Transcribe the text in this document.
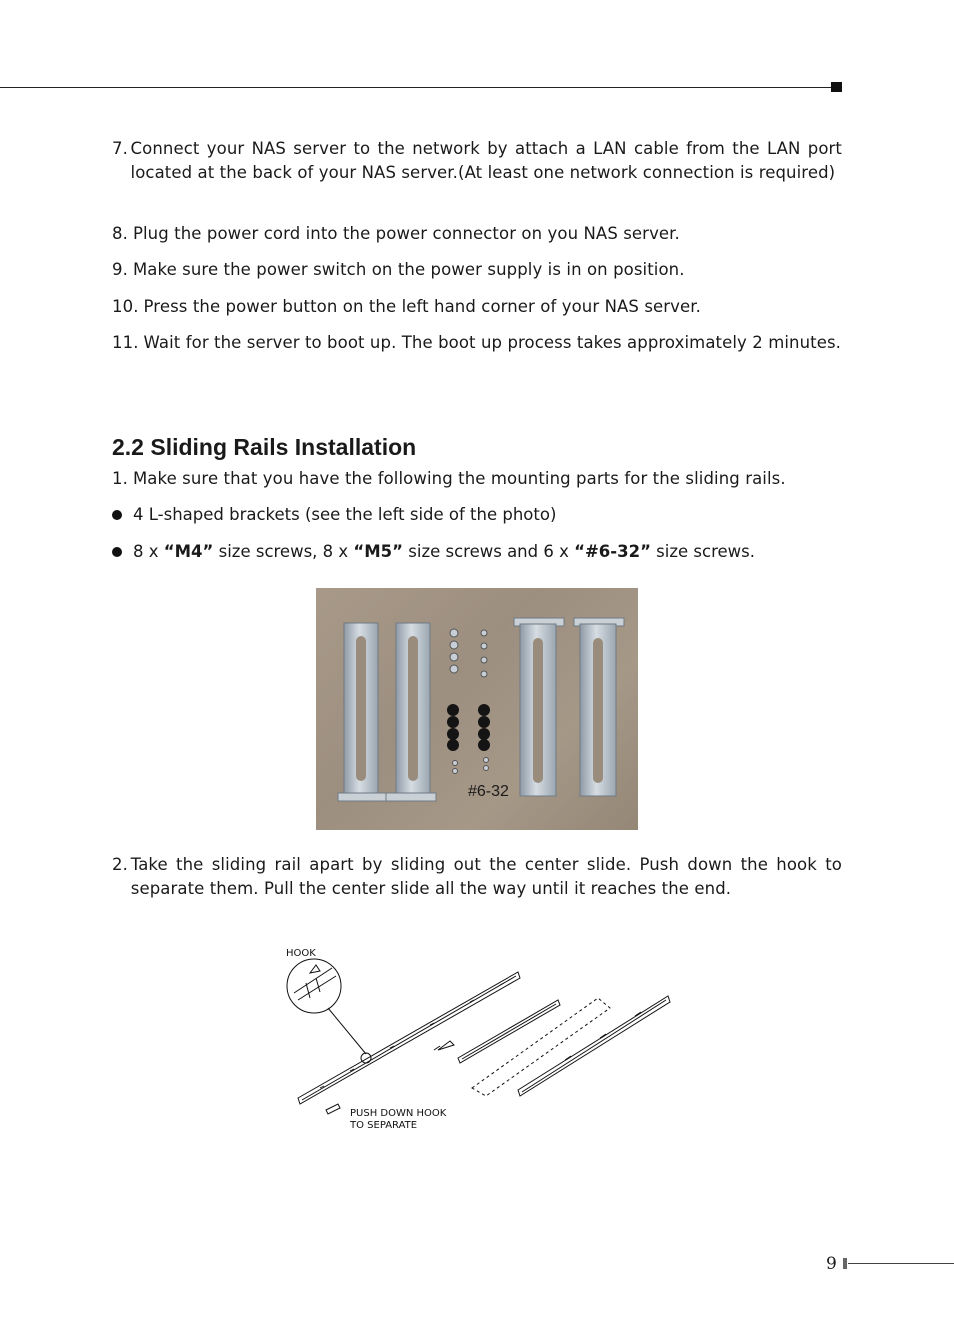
7. Connect your NAS server to the network by attach a LAN cable from the LAN port located at the back of your NAS server.(At least one network connection is required)
8. Plug the power cord into the power connector on you NAS server.
9. Make sure the power switch on the power supply is in on position.
10. Press the power button on the left hand corner of your NAS server.
11. Wait for the server to boot up. The boot up process takes approximately 2 minutes.
2.2 Sliding Rails Installation
1. Make sure that you have the following the mounting parts for the sliding rails.
4 L-shaped brackets (see the left side of the photo)
8 x “M4” size screws, 8 x “M5” size screws and 6 x “#6-32” size screws.
#6-32
2. Take the sliding rail apart by sliding out the center slide. Push down the hook to separate them. Pull the center slide all the way until it reaches the end.
HOOK
PUSH DOWN HOOK
TO SEPARATE
9
